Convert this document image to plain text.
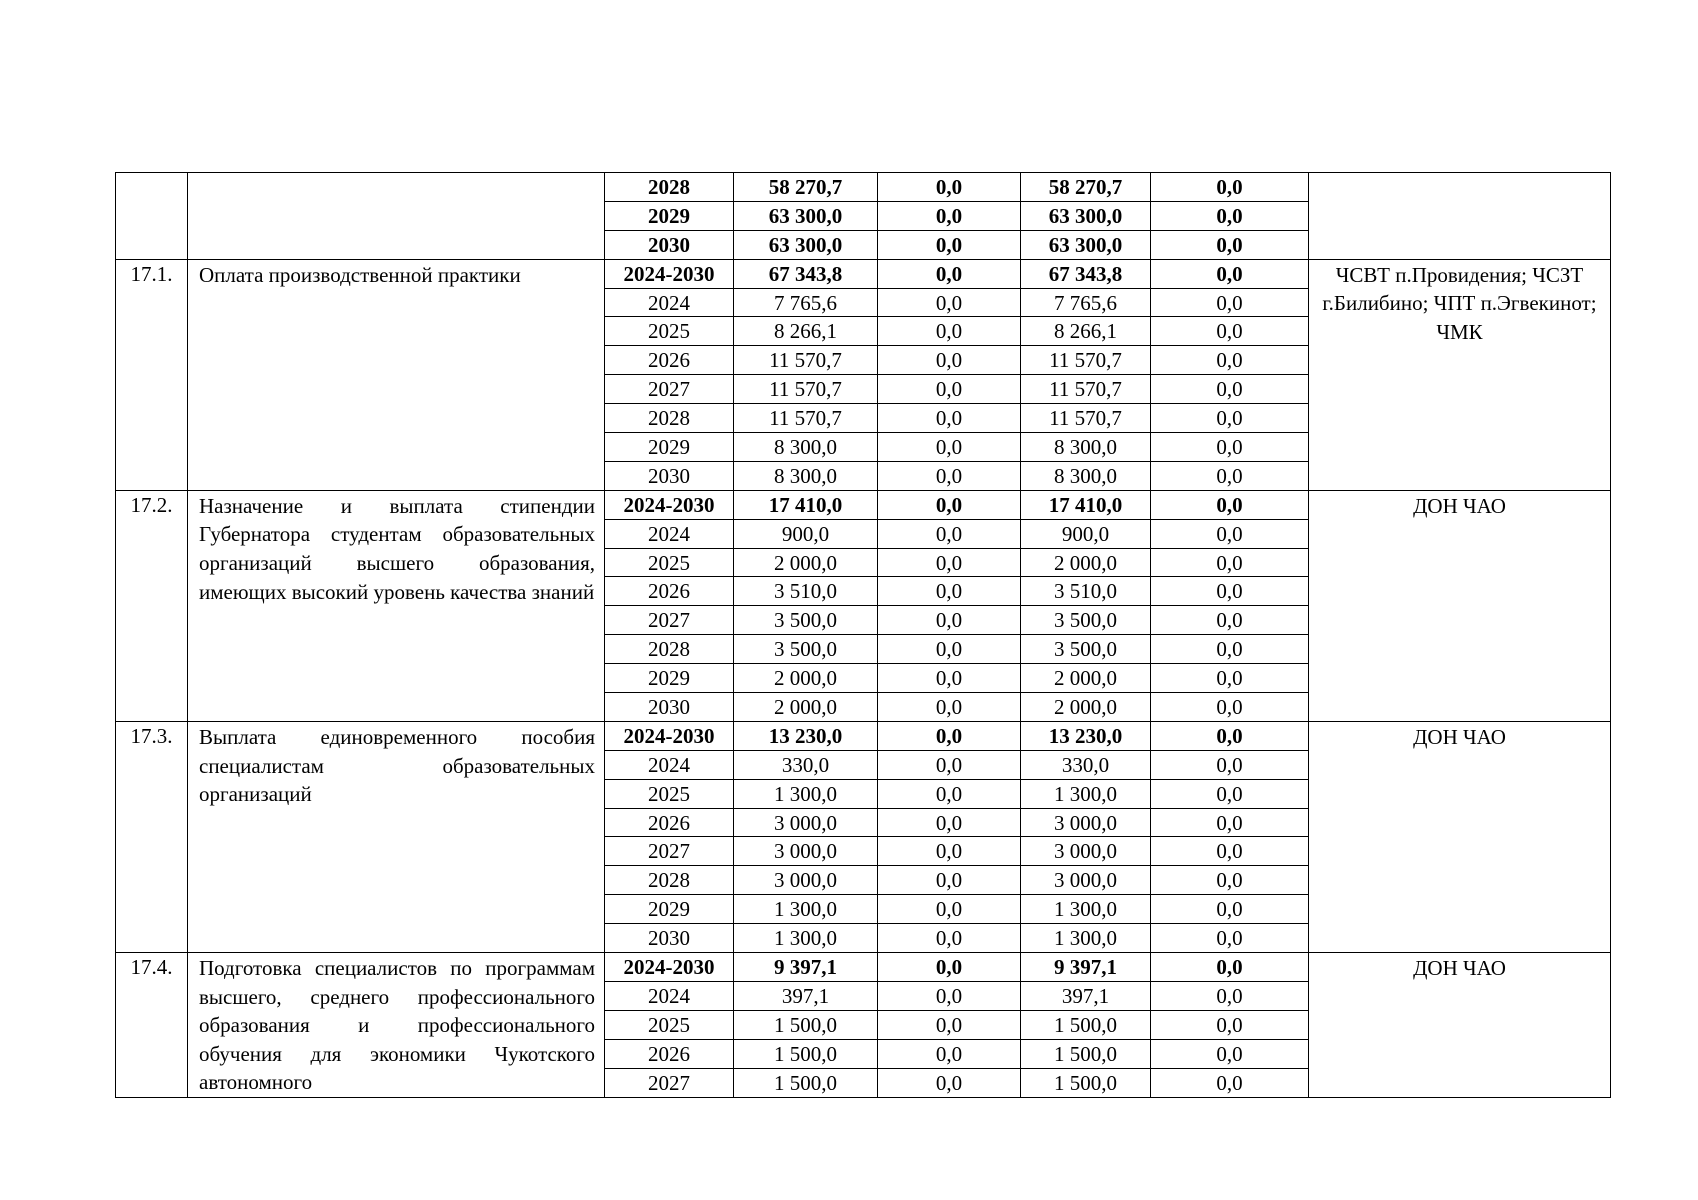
		2028	58 270,7	0,0	58 270,7	0,0	
		2029	63 300,0	0,0	63 300,0	0,0	
		2030	63 300,0	0,0	63 300,0	0,0	
17.1.	Оплата производственной практики	2024-2030	67 343,8	0,0	67 343,8	0,0	ЧСВТ п.Провидения; ЧСЗТ г.Билибино; ЧПТ п.Эгвекинот; ЧМК
		2024	7 765,6	0,0	7 765,6	0,0	
		2025	8 266,1	0,0	8 266,1	0,0	
		2026	11 570,7	0,0	11 570,7	0,0	
		2027	11 570,7	0,0	11 570,7	0,0	
		2028	11 570,7	0,0	11 570,7	0,0	
		2029	8 300,0	0,0	8 300,0	0,0	
		2030	8 300,0	0,0	8 300,0	0,0	
17.2.	Назначение и выплата стипендии Губернатора студентам образовательных организаций высшего образования, имеющих высокий уровень качества знаний	2024-2030	17 410,0	0,0	17 410,0	0,0	ДОН ЧАО
		2024	900,0	0,0	900,0	0,0	
		2025	2 000,0	0,0	2 000,0	0,0	
		2026	3 510,0	0,0	3 510,0	0,0	
		2027	3 500,0	0,0	3 500,0	0,0	
		2028	3 500,0	0,0	3 500,0	0,0	
		2029	2 000,0	0,0	2 000,0	0,0	
		2030	2 000,0	0,0	2 000,0	0,0	
17.3.	Выплата единовременного пособия специалистам образовательных организаций	2024-2030	13 230,0	0,0	13 230,0	0,0	ДОН ЧАО
		2024	330,0	0,0	330,0	0,0	
		2025	1 300,0	0,0	1 300,0	0,0	
		2026	3 000,0	0,0	3 000,0	0,0	
		2027	3 000,0	0,0	3 000,0	0,0	
		2028	3 000,0	0,0	3 000,0	0,0	
		2029	1 300,0	0,0	1 300,0	0,0	
		2030	1 300,0	0,0	1 300,0	0,0	
17.4.	Подготовка специалистов по программам высшего, среднего профессионального образования и профессионального обучения для экономики Чукотского автономного	2024-2030	9 397,1	0,0	9 397,1	0,0	ДОН ЧАО
		2024	397,1	0,0	397,1	0,0	
		2025	1 500,0	0,0	1 500,0	0,0	
		2026	1 500,0	0,0	1 500,0	0,0	
		2027	1 500,0	0,0	1 500,0	0,0	
